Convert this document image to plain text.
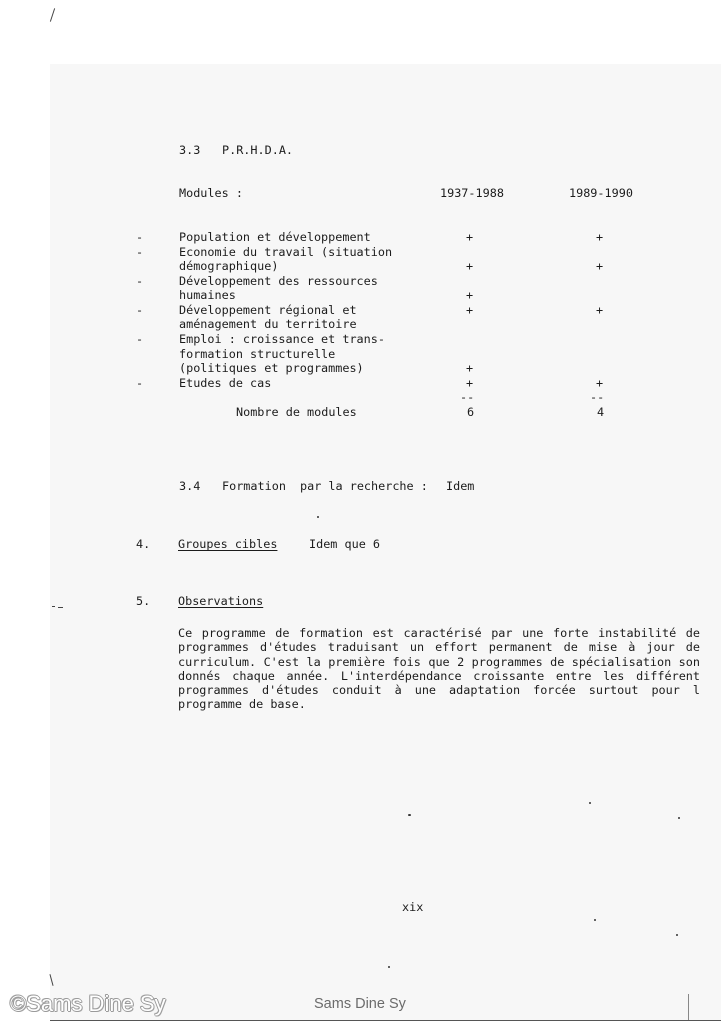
3.3 P.R.H.D.A.
Modules :	1937-1988	1989-1990
-	Population et développement	+	+
-	Economie du travail (situation
démographique)	+	+
-	Développement des ressources
humaines	+
-	Développement régional et	+	+
aménagement du territoire
-	Emploi : croissance et trans-
formation structurelle
(politiques et programmes)	+
-	Etudes de cas	+	+
--	--
Nombre de modules	6	4
3.4 Formation par la recherche : Idem
4. Groupes cibles	Idem que 6
5. Observations
Ce programme de formation est caractérisé par une forte instabilité de
programmes d'études traduisant un effort permanent de mise à jour de
curriculum. C'est la première fois que 2 programmes de spécialisation son
donnés chaque année. L'interdépendance croissante entre les différent
programmes d'études conduit à une adaptation forcée surtout pour l
programme de base.
xix
©Sams Dine Sy	Sams Dine Sy
